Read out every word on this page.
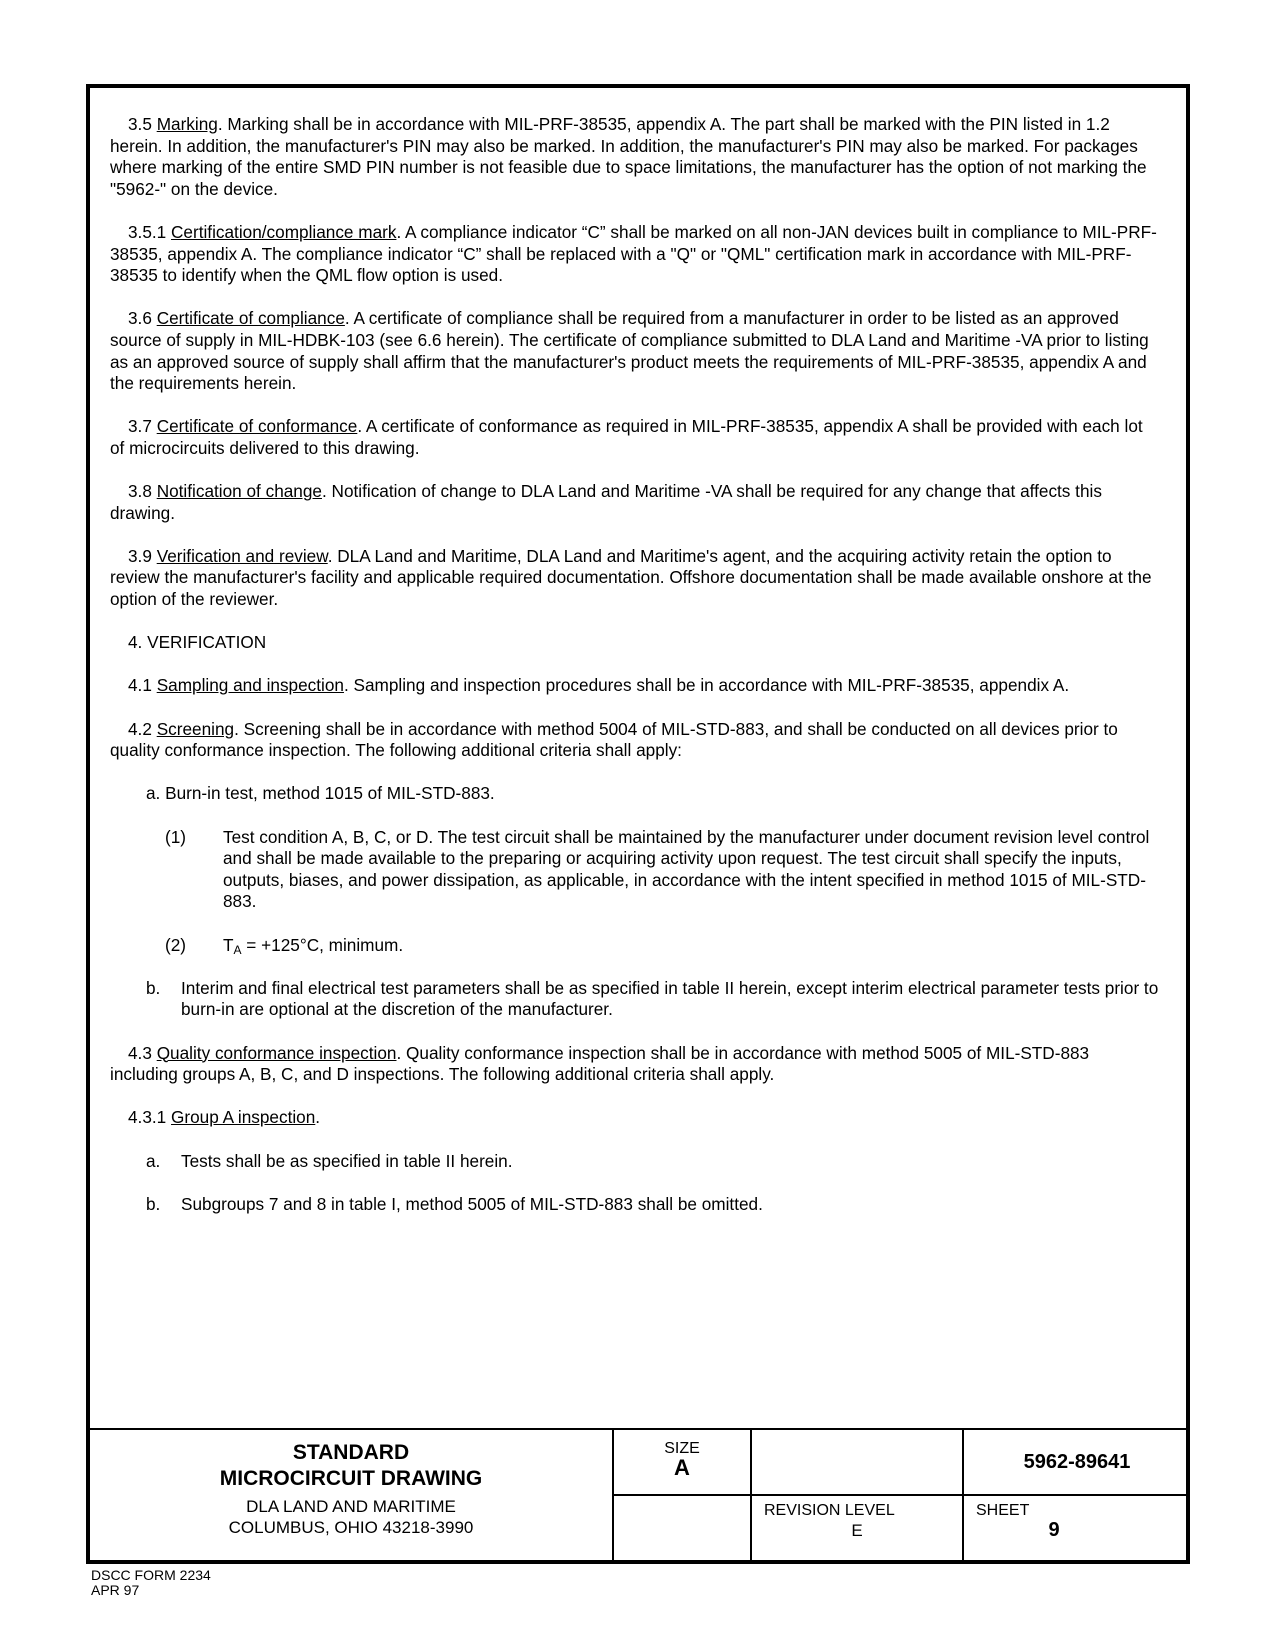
3.5 Marking. Marking shall be in accordance with MIL-PRF-38535, appendix A. The part shall be marked with the PIN listed in 1.2 herein. In addition, the manufacturer's PIN may also be marked. In addition, the manufacturer's PIN may also be marked. For packages where marking of the entire SMD PIN number is not feasible due to space limitations, the manufacturer has the option of not marking the "5962-" on the device.

3.5.1 Certification/compliance mark. A compliance indicator “C” shall be marked on all non-JAN devices built in compliance to MIL-PRF-38535, appendix A. The compliance indicator “C” shall be replaced with a "Q" or "QML" certification mark in accordance with MIL-PRF-38535 to identify when the QML flow option is used.

3.6 Certificate of compliance. A certificate of compliance shall be required from a manufacturer in order to be listed as an approved source of supply in MIL-HDBK-103 (see 6.6 herein). The certificate of compliance submitted to DLA Land and Maritime -VA prior to listing as an approved source of supply shall affirm that the manufacturer's product meets the requirements of MIL-PRF-38535, appendix A and the requirements herein.

3.7 Certificate of conformance. A certificate of conformance as required in MIL-PRF-38535, appendix A shall be provided with each lot of microcircuits delivered to this drawing.

3.8 Notification of change. Notification of change to DLA Land and Maritime -VA shall be required for any change that affects this drawing.

3.9 Verification and review. DLA Land and Maritime, DLA Land and Maritime's agent, and the acquiring activity retain the option to review the manufacturer's facility and applicable required documentation. Offshore documentation shall be made available onshore at the option of the reviewer.

4. VERIFICATION

4.1 Sampling and inspection. Sampling and inspection procedures shall be in accordance with MIL-PRF-38535, appendix A.

4.2 Screening. Screening shall be in accordance with method 5004 of MIL-STD-883, and shall be conducted on all devices prior to quality conformance inspection. The following additional criteria shall apply:

a. Burn-in test, method 1015 of MIL-STD-883.
(1) Test condition A, B, C, or D. The test circuit shall be maintained by the manufacturer under document revision level control and shall be made available to the preparing or acquiring activity upon request. The test circuit shall specify the inputs, outputs, biases, and power dissipation, as applicable, in accordance with the intent specified in method 1015 of MIL-STD-883.
(2) $T_A = +125^\circ C$, minimum.
b. Interim and final electrical test parameters shall be as specified in table II herein, except interim electrical parameter tests prior to burn-in are optional at the discretion of the manufacturer.

4.3 Quality conformance inspection. Quality conformance inspection shall be in accordance with method 5005 of MIL-STD-883 including groups A, B, C, and D inspections. The following additional criteria shall apply.

4.3.1 Group A inspection.

a. Tests shall be as specified in table II herein.
b. Subgroups 7 and 8 in table I, method 5005 of MIL-STD-883 shall be omitted.
STANDARD
MICROCIRCUIT DRAWING
DLA LAND AND MARITIME
COLUMBUS, OHIO 43218-3990
SIZE
A	5962-89641
REVISION LEVEL
E
SHEET
9
DSCC FORM 2234
APR 97
